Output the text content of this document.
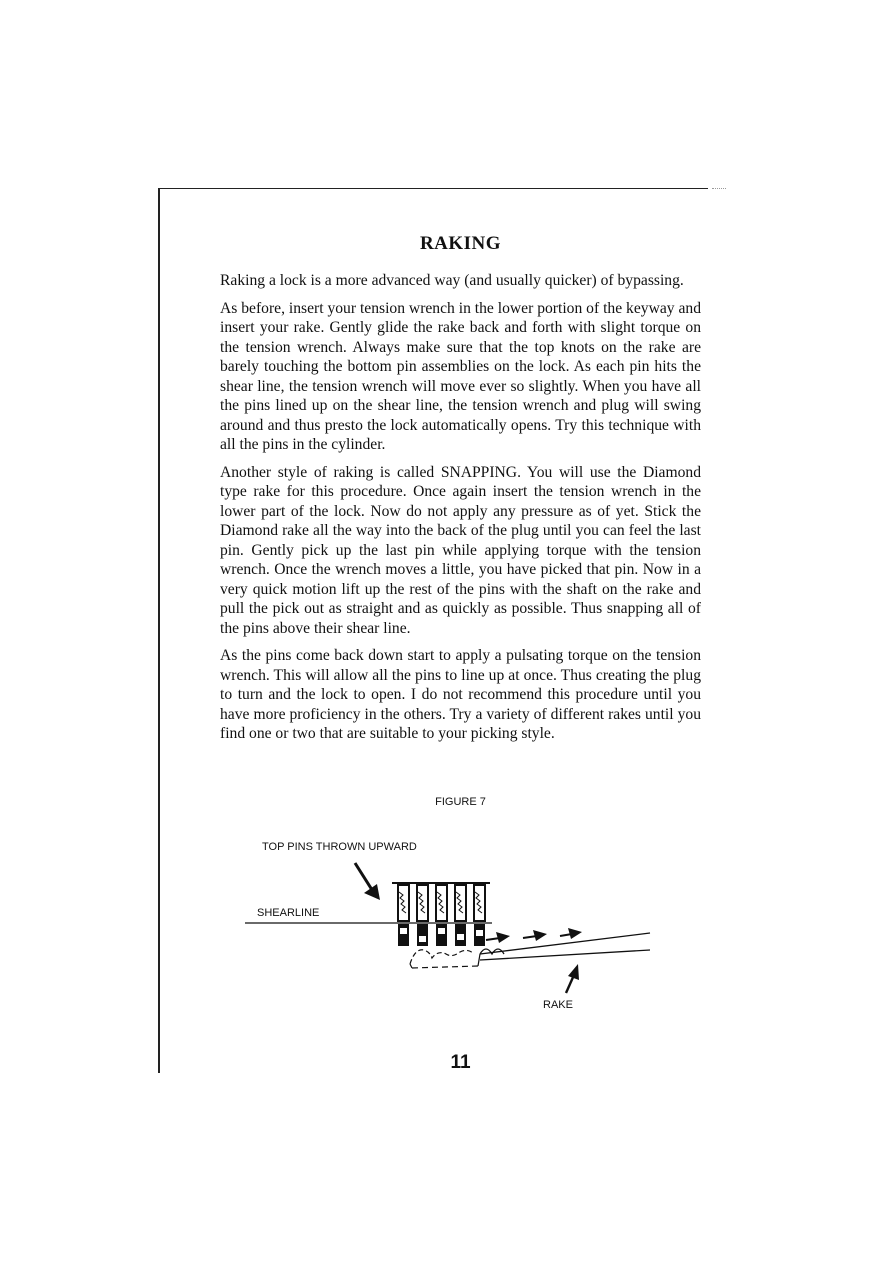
RAKING

Raking a lock is a more advanced way (and usually quicker) of bypassing.

As before, insert your tension wrench in the lower portion of the keyway and insert your rake. Gently glide the rake back and forth with slight torque on the tension wrench. Always make sure that the top knots on the rake are barely touching the bottom pin assemblies on the lock. As each pin hits the shear line, the tension wrench will move ever so slightly. When you have all the pins lined up on the shear line, the tension wrench and plug will swing around and thus presto the lock automatically opens. Try this technique with all the pins in the cylinder.

Another style of raking is called SNAPPING. You will use the Diamond type rake for this procedure. Once again insert the tension wrench in the lower part of the lock. Now do not apply any pressure as of yet. Stick the Diamond rake all the way into the back of the plug until you can feel the last pin. Gently pick up the last pin while applying torque with the tension wrench. Once the wrench moves a little, you have picked that pin. Now in a very quick motion lift up the rest of the pins with the shaft on the rake and pull the pick out as straight and as quickly as possible. Thus snapping all of the pins above their shear line.

As the pins come back down start to apply a pulsating torque on the tension wrench. This will allow all the pins to line up at once. Thus creating the plug to turn and the lock to open. I do not recommend this procedure until you have more proficiency in the others. Try a variety of different rakes until you find one or two that are suitable to your picking style.

FIGURE 7

TOP PINS THROWN UPWARD
SHEARLINE
RAKE

11
